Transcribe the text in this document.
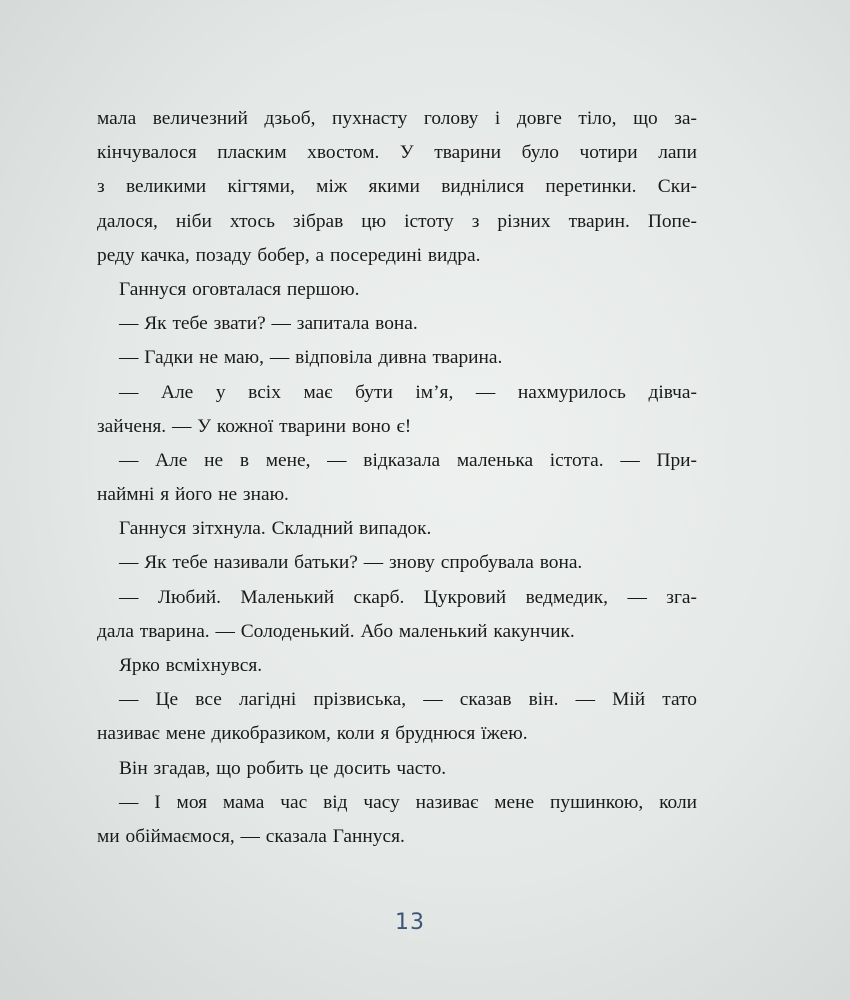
мала величезний дзьоб, пухнасту голову і довге тіло, що за-
кінчувалося пласким хвостом. У тварини було чотири лапи
з великими кігтями, між якими виднілися перетинки. Ски-
далося, ніби хтось зібрав цю істоту з різних тварин. Попе-
реду качка, позаду бобер, а посередині видра.
Ганнуся оговталася першою.
— Як тебе звати? — запитала вона.
— Гадки не маю, — відповіла дивна тварина.
— Але у всіх має бути ім’я, — нахмурилось дівча-
зайченя. — У кожної тварини воно є!
— Але не в мене, — відказала маленька істота. — При-
наймні я його не знаю.
Ганнуся зітхнула. Складний випадок.
— Як тебе називали батьки? — знову спробувала вона.
— Любий. Маленький скарб. Цукровий ведмедик, — зга-
дала тварина. — Солоденький. Або маленький какунчик.
Ярко всміхнувся.
— Це все лагідні прізвиська, — сказав він. — Мій тато
називає мене дикобразиком, коли я бруднюся їжею.
Він згадав, що робить це досить часто.
— І моя мама час від часу називає мене пушинкою, коли
ми обіймаємося, — сказала Ганнуся.
13
